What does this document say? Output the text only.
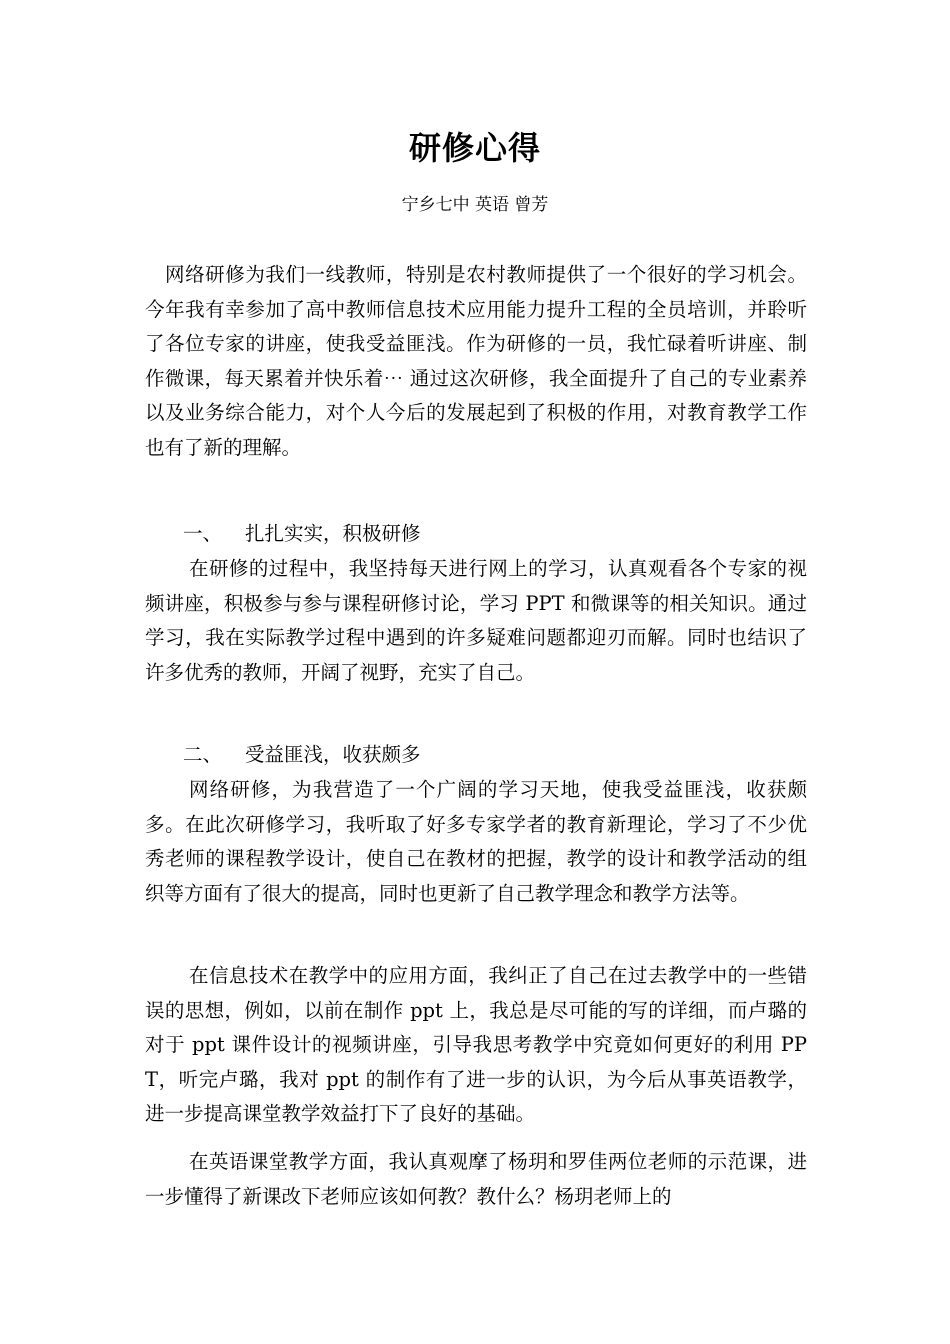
研修心得

宁乡七中 英语 曾芳

网络研修为我们一线教师，特别是农村教师提供了一个很好的学习机会。今年我有幸参加了高中教师信息技术应用能力提升工程的全员培训，并聆听了各位专家的讲座，使我受益匪浅。作为研修的一员，我忙碌着听讲座、制作微课，每天累着并快乐着⋯ 通过这次研修，我全面提升了自己的专业素养以及业务综合能力，对个人今后的发展起到了积极的作用，对教育教学工作也有了新的理解。

一、 扎扎实实，积极研修

在研修的过程中，我坚持每天进行网上的学习，认真观看各个专家的视频讲座，积极参与参与课程研修讨论，学习 PPT 和微课等的相关知识。通过学习，我在实际教学过程中遇到的许多疑难问题都迎刃而解。同时也结识了许多优秀的教师，开阔了视野，充实了自己。

二、 受益匪浅，收获颇多

网络研修，为我营造了一个广阔的学习天地，使我受益匪浅，收获颇多。在此次研修学习，我听取了好多专家学者的教育新理论，学习了不少优秀老师的课程教学设计，使自己在教材的把握，教学的设计和教学活动的组织等方面有了很大的提高，同时也更新了自己教学理念和教学方法等。

在信息技术在教学中的应用方面，我纠正了自己在过去教学中的一些错误的思想，例如，以前在制作 ppt 上，我总是尽可能的写的详细，而卢璐的对于 ppt 课件设计的视频讲座，引导我思考教学中究竟如何更好的利用 PPT，听完卢璐，我对 ppt 的制作有了进一步的认识，为今后从事英语教学，进一步提高课堂教学效益打下了良好的基础。

在英语课堂教学方面，我认真观摩了杨玥和罗佳两位老师的示范课，进一步懂得了新课改下老师应该如何教？教什么？杨玥老师上的
